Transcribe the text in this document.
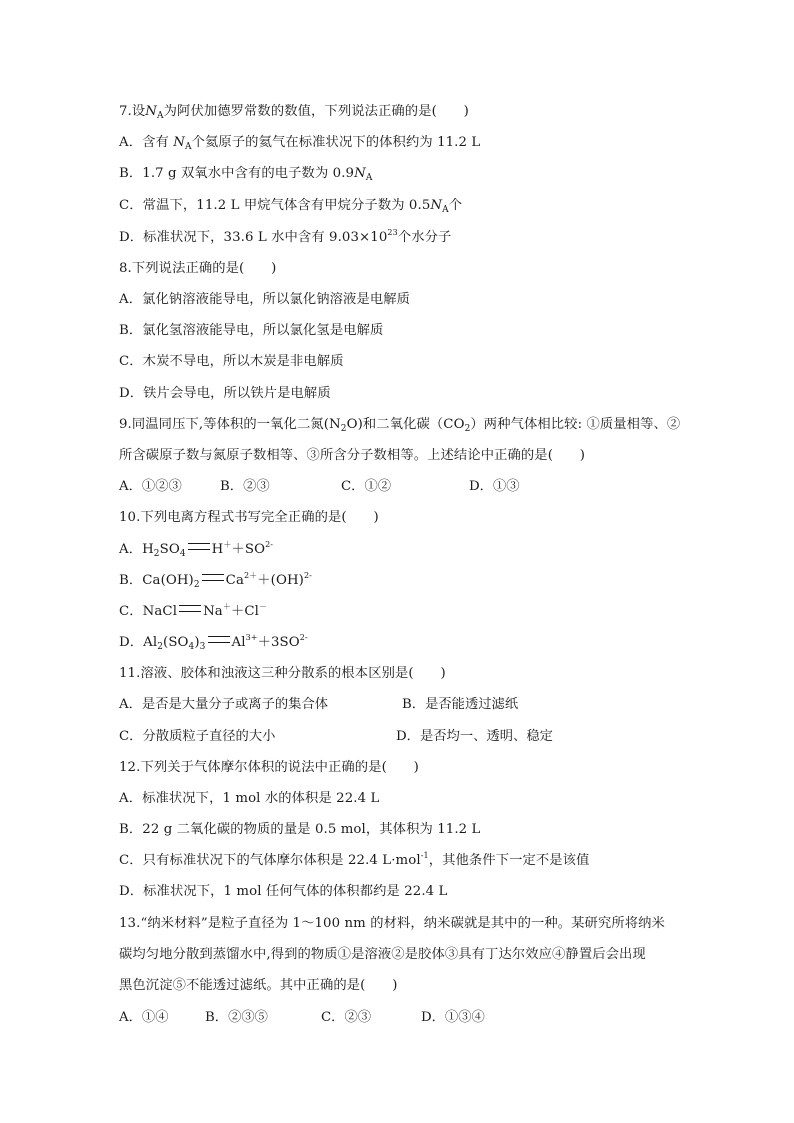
7.设$N_A$为阿伏加德罗常数的数值，下列说法正确的是(　　)
A．含有 $N_A$个氦原子的氦气在标准状况下的体积约为 11.2 L
B．1.7 g 双氧水中含有的电子数为 $0.9N_A$
C．常温下，11.2 L 甲烷气体含有甲烷分子数为 $0.5N_A$个
D．标准状况下，33.6 L 水中含有 $9.03\times 10^{23}$个水分子
8.下列说法正确的是(　　)
A．氯化钠溶液能导电，所以氯化钠溶液是电解质
B．氯化氢溶液能导电，所以氯化氢是电解质
C．木炭不导电，所以木炭是非电解质
D．铁片会导电，所以铁片是电解质
9.同温同压下,等体积的一氧化二氮$(N_2O)$和二氧化碳$(CO_2)$两种气体相比较: ①质量相等、②
所含碳原子数与氮原子数相等、③所含分子数相等。上述结论中正确的是(　　)
A．①②③	B．②③	C．①②	D．①③
10.下列电离方程式书写完全正确的是(　　)
A．$H_2SO_4$ $H^++SO^{2-}$
B．$Ca(OH)_2$ $Ca^{2+}+(OH)^{2-}$
C．NaCl Na＋＋Cl－
D．$Al_2(SO_4)_3$ $Al^{3+}+3SO^{2-}$
11.溶液、胶体和浊液这三种分散系的根本区别是(　　)
A．是否是大量分子或离子的集合体	B．是否能透过滤纸
C．分散质粒子直径的大小	D．是否均一、透明、稳定
12.下列关于气体摩尔体积的说法中正确的是(　　)
A．标准状况下，1 mol 水的体积是 22.4 L
B．22 g 二氧化碳的物质的量是 0.5 mol，其体积为 11.2 L
C．只有标准状况下的气体摩尔体积是 22.4 L·mol$^{-1}$，其他条件下一定不是该值
D．标准状况下，1 mol 任何气体的体积都约是 22.4 L
13.“纳米材料”是粒子直径为 1～100 nm 的材料，纳米碳就是其中的一种。某研究所将纳米
碳均匀地分散到蒸馏水中,得到的物质①是溶液②是胶体③具有丁达尔效应④静置后会出现
黑色沉淀⑤不能透过滤纸。其中正确的是(　　)
A．①④	B．②③⑤	C．②③	D．①③④
